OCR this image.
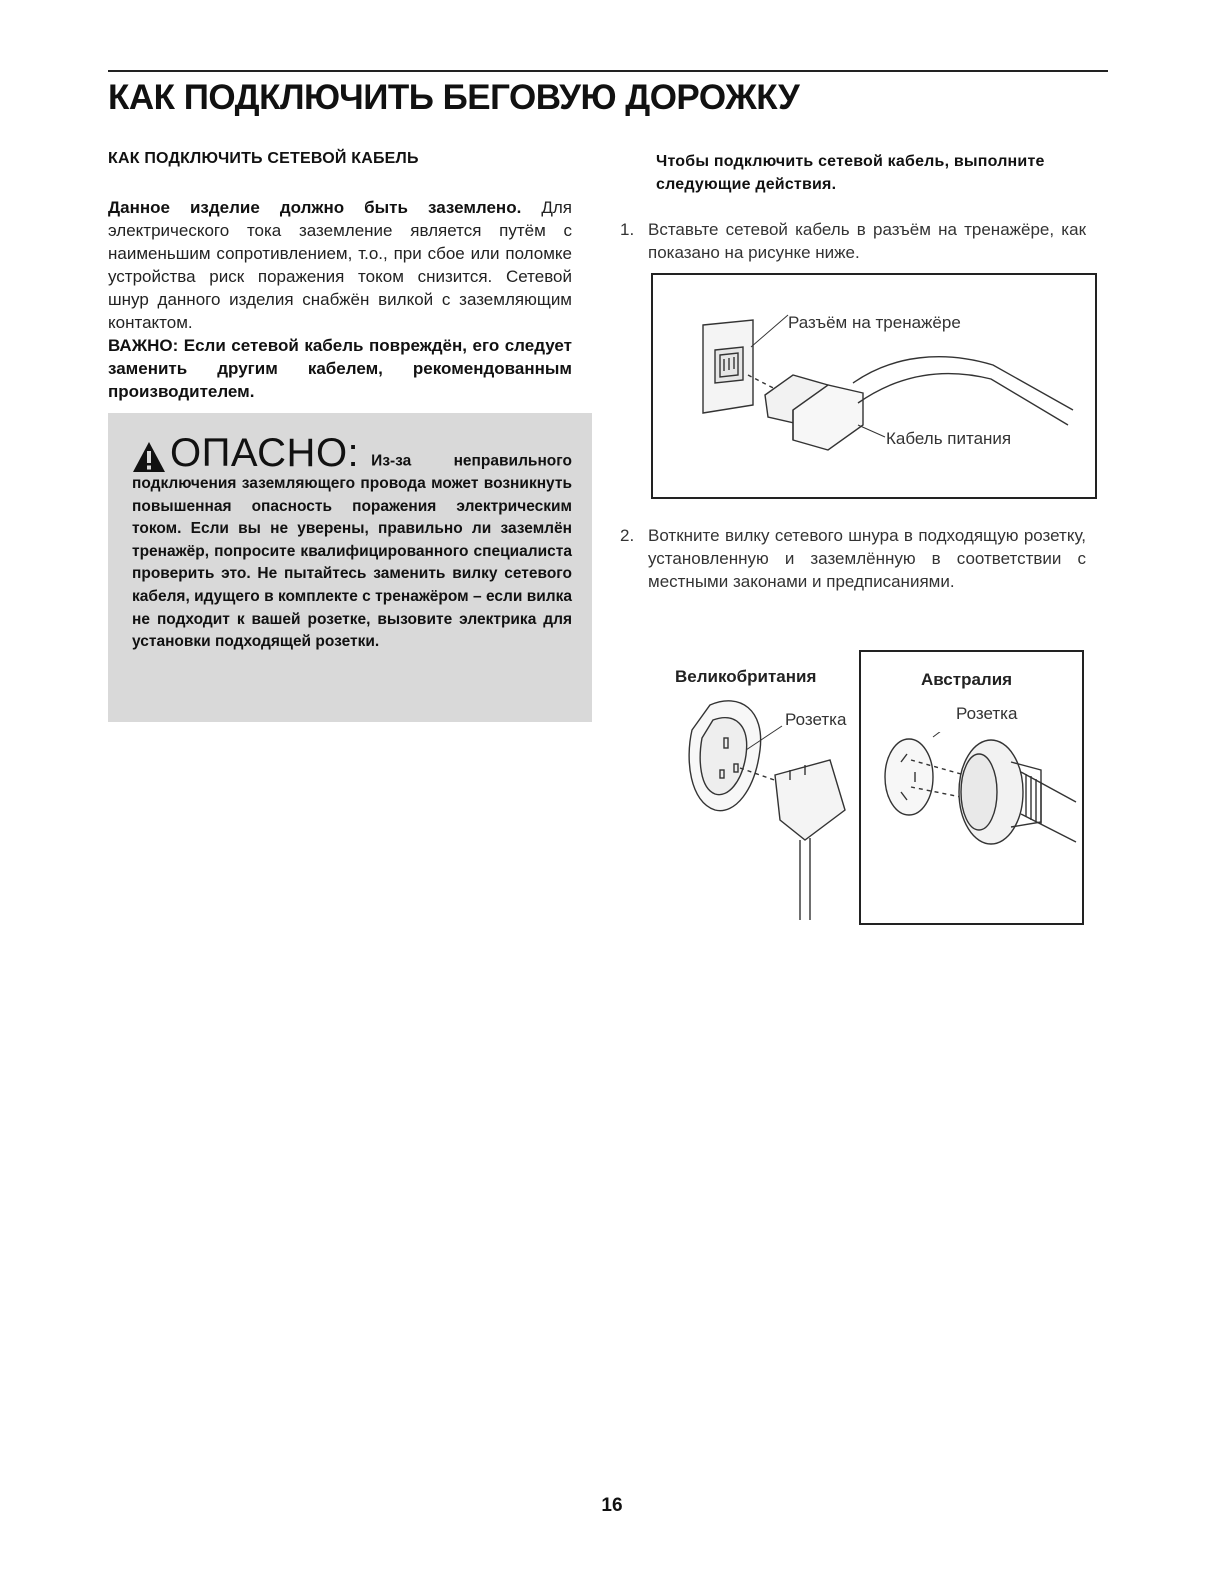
КАК ПОДКЛЮЧИТЬ БЕГОВУЮ ДОРОЖКУ
КАК ПОДКЛЮЧИТЬ СЕТЕВОЙ КАБЕЛЬ

Данное изделие должно быть заземлено. Для электрического тока заземление является путём с наименьшим сопротивлением, т.о., при сбое или поломке устройства риск поражения током снизится. Сетевой шнур данного изделия снабжён вилкой с заземляющим контактом.

ВАЖНО: Если сетевой кабель повреждён, его следует заменить другим кабелем, рекомендованным производителем.

ОПАСНО: Из-за неправильного подключения заземляющего провода может возникнуть повышенная опасность поражения электрическим током. Если вы не уверены, правильно ли заземлён тренажёр, попросите квалифицированного специалиста проверить это. Не пытайтесь заменить вилку сетевого кабеля, идущего в комплекте с тренажёром – если вилка не подходит к вашей розетке, вызовите электрика для установки подходящей розетки.
Чтобы подключить сетевой кабель, выполните следующие действия.
1. Вставьте сетевой кабель в разъём на тренажёре, как показано на рисунке ниже.
2. Воткните вилку сетевого шнура в подходящую розетку, установленную и заземлённую в соответствии с местными законами и предписаниями.
Разъём на тренажёре
Кабель питания
Великобритания
Розетка
Австралия
Розетка
16
